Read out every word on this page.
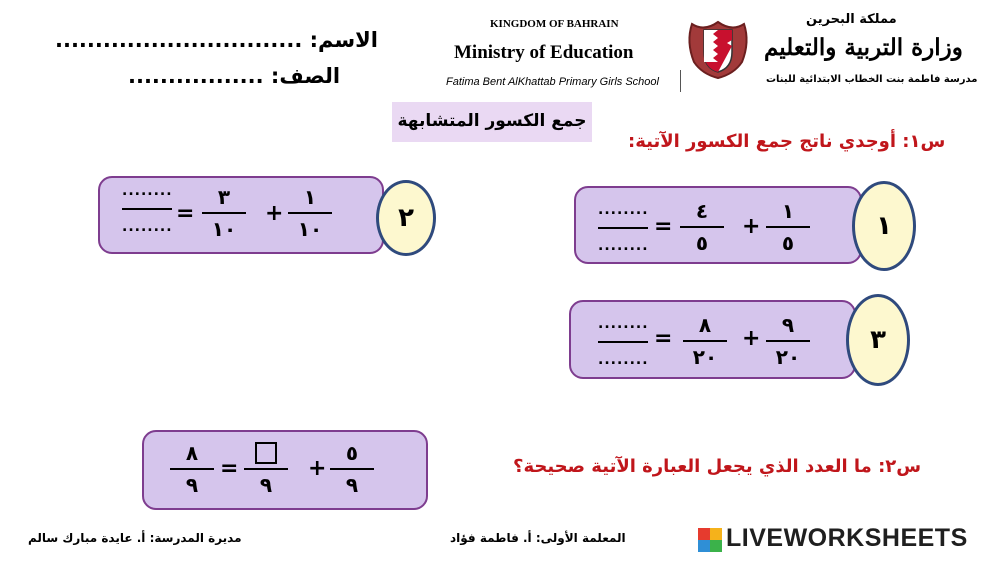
الاسم: ...............................
الصف: .................
KINGDOM OF BAHRAIN
Ministry of Education
Fatima Bent AlKhattab Primary Girls School
مملكة البحرين
وزارة التربية والتعليم
مدرسة فاطمة بنت الخطاب الابتدائية للبنات
جمع الكسور المتشابهة
س١: أوجدي ناتج جمع الكسور الآتية:
٢
........
........
=
٣
١٠
+
١
١٠	١
........
........
=
٤
٥
+
١
٥
٣
........
........
=
٨
٢٠
+
٩
٢٠
س٢: ما العدد الذي يجعل العبارة الآتية صحيحة؟
٨
٩
=
٩
+
٥
٩
مديرة المدرسة: أ. عايدة مبارك سالم	المعلمة الأولى: أ. فاطمة فؤاد	LIVEWORKSHEETS
